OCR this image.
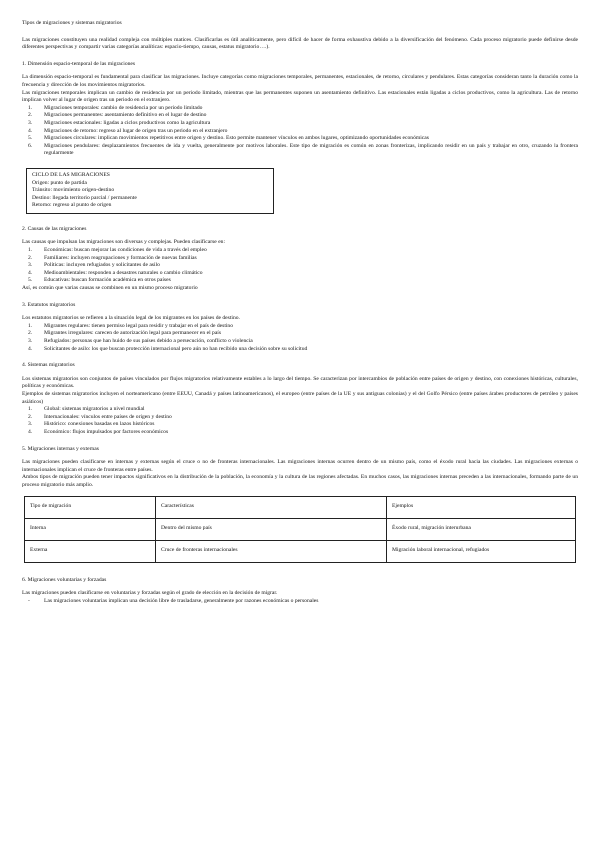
Tipos de migraciones y sistemas migratorios

Las migraciones constituyen una realidad compleja con múltiples matices. Clasificarlas es útil analíticamente, pero difícil de hacer de forma exhaustiva debido a la diversificación del fenómeno. Cada proceso migratorio puede definirse desde diferentes perspectivas y compartir varias categorías analíticas: espacio-tiempo, causas, estatus migratorio….).

1. Dimensión espacio-temporal de las migraciones

La dimensión espacio-temporal es fundamental para clasificar las migraciones. Incluye categorías como migraciones temporales, permanentes, estacionales, de retorno, circulares y pendulares. Estas categorías consideran tanto la duración como la frecuencia y dirección de los movimientos migratorios.

Las migraciones temporales implican un cambio de residencia por un periodo limitado, mientras que las permanentes suponen un asentamiento definitivo. Las estacionales están ligadas a ciclos productivos, como la agricultura. Las de retorno implican volver al lugar de origen tras un periodo en el extranjero.

1. Migraciones temporales: cambio de residencia por un periodo limitado
2. Migraciones permanentes: asentamiento definitivo en el lugar de destino
3. Migraciones estacionales: ligadas a ciclos productivos como la agricultura
4. Migraciones de retorno: regreso al lugar de origen tras un periodo en el extranjero
5. Migraciones circulares: implican movimientos repetitivos entre origen y destino. Esto permite mantener vínculos en ambos lugares, optimizando oportunidades económicas
6. Migraciones pendulares: desplazamientos frecuentes de ida y vuelta, generalmente por motivos laborales. Este tipo de migración es común en zonas fronterizas, implicando residir en un país y trabajar en otro, cruzando la frontera regularmente
CICLO DE LAS MIGRACIONES
Origen: punto de partida
Tránsito: movimiento origen-destino
Destino: llegada territorio parcial / permanente
Retorno: regreso al punto de origen
2. Causas de las migraciones

Las causas que impulsan las migraciones son diversas y complejas. Pueden clasificarse en:

1. Económicas: buscan mejorar las condiciones de vida a través del empleo
2. Familiares: incluyen reagrupaciones y formación de nuevas familias
3. Políticas: incluyen refugiados y solicitantes de asilo
4. Medioambientales: responden a desastres naturales o cambio climático
5. Educativas: buscan formación académica en otros países

Así, es común que varias causas se combinen en un mismo proceso migratorio

3. Estatutos migratorios

Los estatutos migratorios se refieren a la situación legal de los migrantes en los países de destino.

1. Migrantes regulares: tienen permiso legal para residir y trabajar en el país de destino
2. Migrantes irregulares: carecen de autorización legal para permanecer en el país
3. Refugiados: personas que han huido de sus países debido a persecución, conflicto o violencia
4. Solicitantes de asilo: los que buscan protección internacional pero aún no han recibido una decisión sobre su solicitud
4. Sistemas migratorios

Los sistemas migratorios son conjuntos de países vinculados por flujos migratorios relativamente estables a lo largo del tiempo. Se caracterizan por intercambios de población entre países de origen y destino, con conexiones históricas, culturales, políticas y económicas.

Ejemplos de sistemas migratorios incluyen el norteamericano (entre EEUU, Canadá y países latinoamericanos), el europeo (entre países de la UE y sus antiguas colonias) y el del Golfo Pérsico (entre países árabes productores de petróleo y países asiáticos)

1. Global: sistemas migratorios a nivel mundial
2. Internacionales: vínculos entre países de origen y destino
3. Histórico: conexiones basadas en lazos históricos
4. Económico: flujos impulsados por factores económicos
5. Migraciones internas y externas

Las migraciones pueden clasificarse en internas y externas según el cruce o no de fronteras internacionales. Las migraciones internas ocurren dentro de un mismo país, como el éxodo rural hacia las ciudades. Las migraciones externas o internacionales implican el cruce de fronteras entre países.

Ambos tipos de migración pueden tener impactos significativos en la distribución de la población, la economía y la cultura de las regiones afectadas. En muchos casos, las migraciones internas preceden a las internacionales, formando parte de un proceso migratorio más amplio.

Tipo de migración	Características	Ejemplos
Interna	Dentro del mismo país	Éxodo rural, migración interurbana
Externa	Cruce de fronteras internacionales	Migración laboral internacional, refugiados
6. Migraciones voluntarias y forzadas

Las migraciones pueden clasificarse en voluntarias y forzadas según el grado de elección en la decisión de migrar.

-	Las migraciones voluntarias implican una decisión libre de trasladarse, generalmente por razones económicas o personales
